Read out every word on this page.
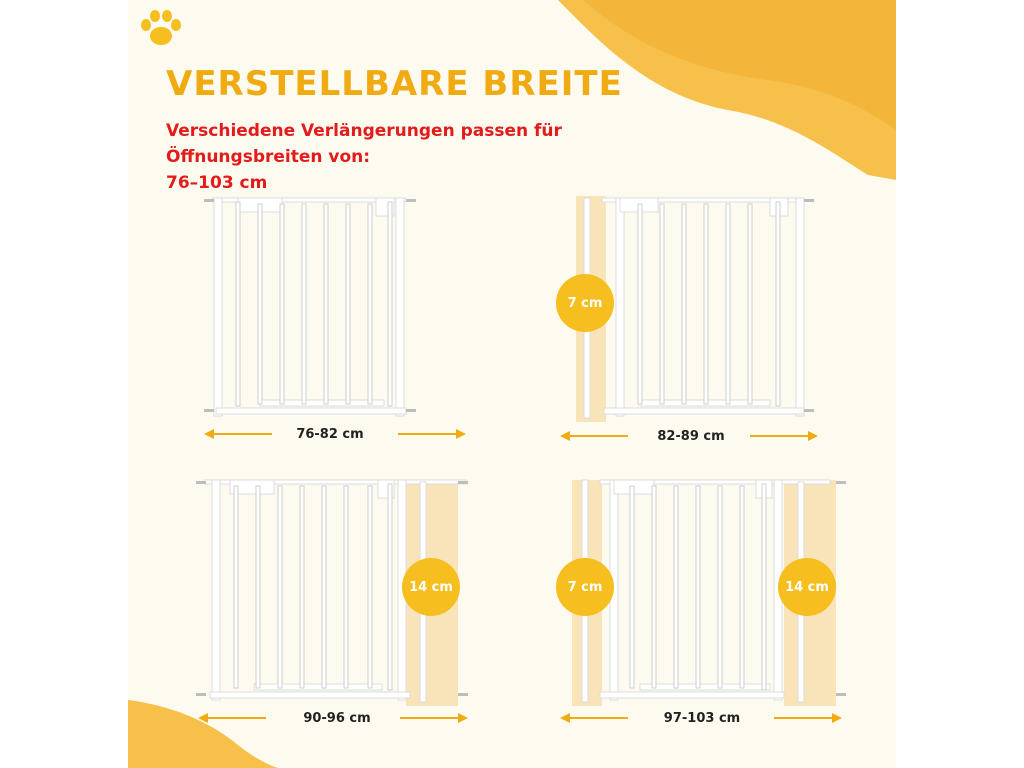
VERSTELLBARE BREITE

Verschiedene Verlängerungen passen für
Öffnungsbreiten von:
76–103 cm

76-82 cm
7 cm
82-89 cm
14 cm
90-96 cm
7 cm	14 cm
97-103 cm
